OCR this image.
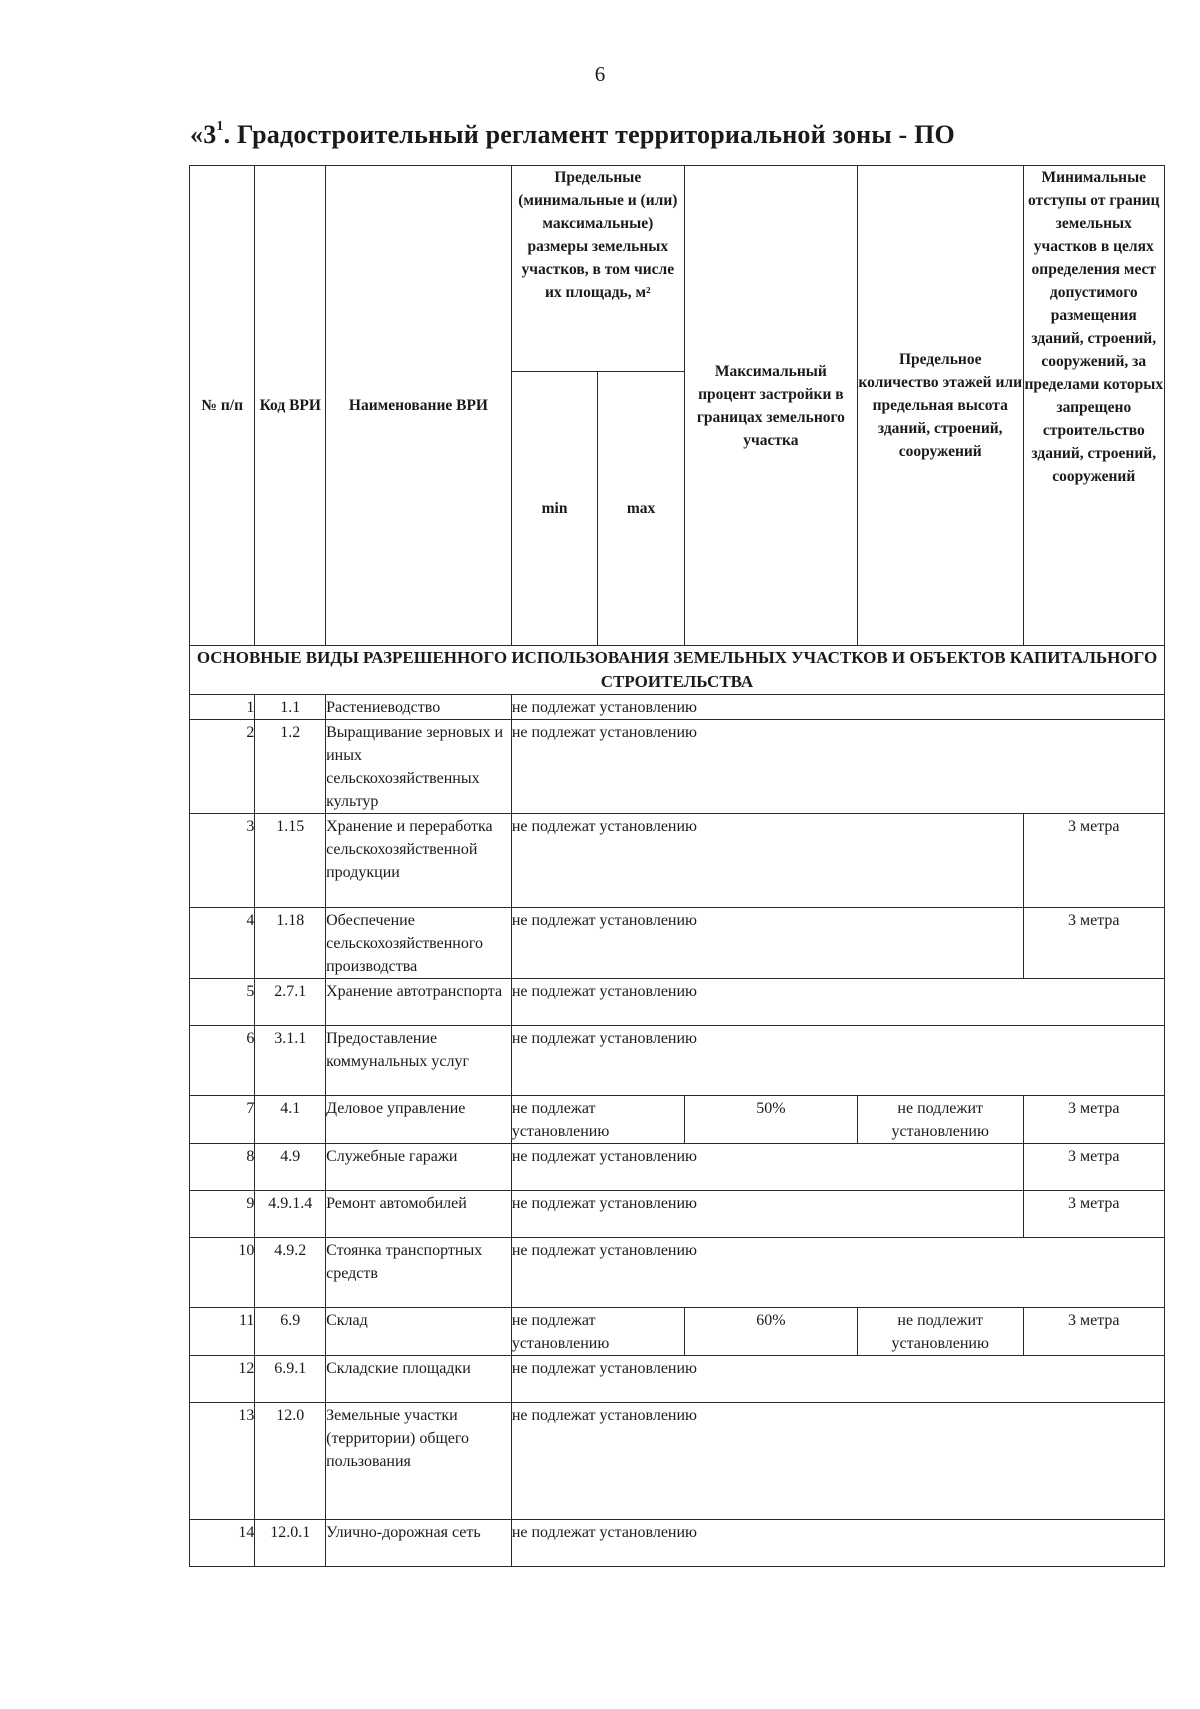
6
«$3^1$. Градостроительный регламент территориальной зоны - ПО
№ п/п	Код ВРИ	Наименование ВРИ	Предельные (минимальные и (или) максимальные) размеры земельных участков, в том числе их площадь, м²		Максимальный процент застройки в границах земельного участка	Предельное количество этажей или предельная высота зданий, строений, сооружений	Минимальные отступы от границ земельных участков в целях определения мест допустимого размещения зданий, строений, сооружений, за пределами которых запрещено строительство зданий, строений, сооружений
			min	max			
ОСНОВНЫЕ ВИДЫ РАЗРЕШЕННОГО ИСПОЛЬЗОВАНИЯ ЗЕМЕЛЬНЫХ УЧАСТКОВ И ОБЪЕКТОВ КАПИТАЛЬНОГО СТРОИТЕЛЬСТВА							
1	1.1	Растениеводство	не подлежат установлению				
2	1.2	Выращивание зерновых и иных сельскохозяйственных культур	не подлежат установлению				
3	1.15	Хранение и переработка сельскохозяйственной продукции	не подлежат установлению				3 метра
4	1.18	Обеспечение сельскохозяйственного производства	не подлежат установлению				3 метра
5	2.7.1	Хранение автотранспорта	не подлежат установлению				
6	3.1.1	Предоставление коммунальных услуг	не подлежат установлению				
7	4.1	Деловое управление	не подлежат установлению		50%	не подлежит установлению	3 метра
8	4.9	Служебные гаражи	не подлежат установлению				3 метра
9	4.9.1.4	Ремонт автомобилей	не подлежат установлению				3 метра
10	4.9.2	Стоянка транспортных средств	не подлежат установлению				
11	6.9	Склад	не подлежат установлению		60%	не подлежит установлению	3 метра
12	6.9.1	Складские площадки	не подлежат установлению				
13	12.0	Земельные участки (территории) общего пользования	не подлежат установлению				
14	12.0.1	Улично-дорожная сеть	не подлежат установлению				
